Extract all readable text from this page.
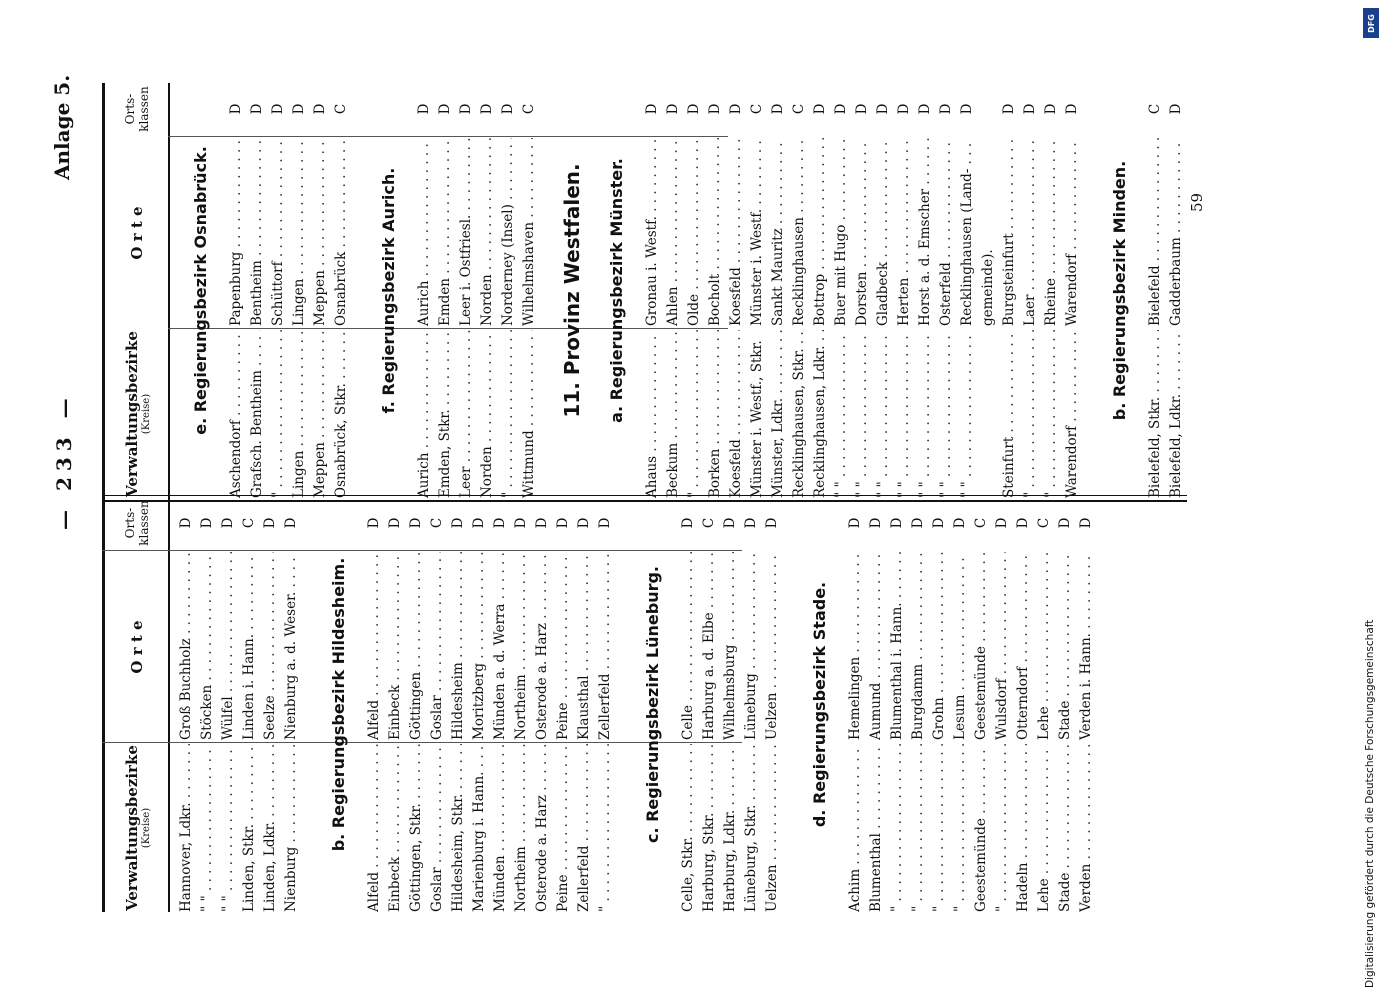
— 233 —
Anlage 5.
Verwaltungsbezirke (Kreise)
O r t e
Orts-
klassen
Hannover, Ldkr. . . .
Groß Buchholz . . .
D
" " . . .
Stöcken . . .
D
" " . . .
Wülfel . . .
D
Linden, Stkr. . . .
Linden i. Hann. . . .
C
Linden, Ldkr. . . .
Seelze . . .
D
Nienburg . . .
Nienburg a. d. Weser. . . .
D
b. Regierungsbezirk Hildesheim.
Alfeld . . .
Alfeld . . .
D
Einbeck . . .
Einbeck . . .
D
Göttingen, Stkr. . . .
Göttingen . . .
D
Goslar . . .
Goslar . . .
C
Hildesheim, Stkr. . . .
Hildesheim . . .
D
Marienburg i. Hann. . . .
Moritzberg . . .
D
Münden . . .
Münden a. d. Werra . . .
D
Northeim . . .
Northeim . . .
D
Osterode a. Harz . . .
Osterode a. Harz . . .
D
Peine . . .
Peine . . .
D
Zellerfeld . . .
Klausthal . . .
D
" . . .
Zellerfeld . . .
D
c. Regierungsbezirk Lüneburg.
Celle, Stkr. . . .
Celle . . .
D
Harburg, Stkr. . . .
Harburg a. d. Elbe . . .
C
Harburg, Ldkr. . . .
Wilhelmsburg . . .
D
Lüneburg, Stkr. . . .
Lüneburg . . .
D
Uelzen . . .
Uelzen . . .
D
d. Regierungsbezirk Stade.
Achim . . .
Hemelingen . . .
D
Blumenthal . . .
Aumund . . .
D
" . . .
Blumenthal i. Hann. . . .
D
" . . .
Burgdamm . . .
D
" . . .
Grohn . . .
D
" . . .
Lesum . . .
D
Geestemünde . . .
Geestemünde . . .
C
" . . .
Wulsdorf . . .
D
Hadeln . . .
Otterndorf . . .
D
Lehe . . .
Lehe . . .
C
Stade . . .
Stade . . .
D
Verden . . .
Verden i. Hann. . . .
D
Verwaltungsbezirke (Kreise)
O r t e
Orts-
klassen
e. Regierungsbezirk Osnabrück.
Aschendorf . . .
Papenburg . . .
D
Grafsch. Bentheim . . .
Bentheim . . .
D
" . . .
Schüttorf . . .
D
Lingen . . .
Lingen . . .
D
Meppen . . .
Meppen . . .
D
Osnabrück, Stkr. . . .
Osnabrück . . .
C
f. Regierungsbezirk Aurich.
Aurich . . .
Aurich . . .
D
Emden, Stkr. . . .
Emden . . .
D
Leer . . .
Leer i. Ostfriesl. . . .
D
Norden . . .
Norden . . .
D
" . . .
Norderney (Insel) . . .
D
Wittmund . . .
Wilhelmshaven . . .
C
11. Provinz Westfalen.	a. Regierungsbezirk Münster.
Ahaus . . .
Gronau i. Westf. . . .
D
Beckum . . .
Ahlen . . .
D
" . . .
Olde . . .
D
Borken . . .
Bocholt . . .
D
Koesfeld . . .
Koesfeld . . .
D
Münster i. Westf., Stkr.
Münster i. Westf. . . .
C
Münster, Ldkr. . . .
Sankt Mauritz . . .
D
Recklinghausen, Stkr. . . .
Recklinghausen . . .
C
Recklinghausen, Ldkr. . . .
Bottrop . . .
D
" " . . .
Buer mit Hugo . . .
D
" " . . .
Dorsten . . .
D
" " . . .
Gladbeck . . .
D
" " . . .
Herten . . .
D
" " . . .
Horst a. d. Emscher . . .
D
" " . . .
Osterfeld . . .
D
" " . . .
Recklinghausen (Land- . . .
D
gemeinde).
Steinfurt . . .
Burgsteinfurt . . .
D
" . . .
Laer . . .
D
" . . .
Rheine . . .
D
Warendorf . . .
Warendorf . . .
D
b. Regierungsbezirk Minden.
Bielefeld, Stkr. . . .
Bielefeld . . .
C
Bielefeld, Ldkr. . . .
Gadderbaum . . .
D
59
DFG
Digitalisierung gefördert durch die Deutsche Forschungsgemeinschaft
